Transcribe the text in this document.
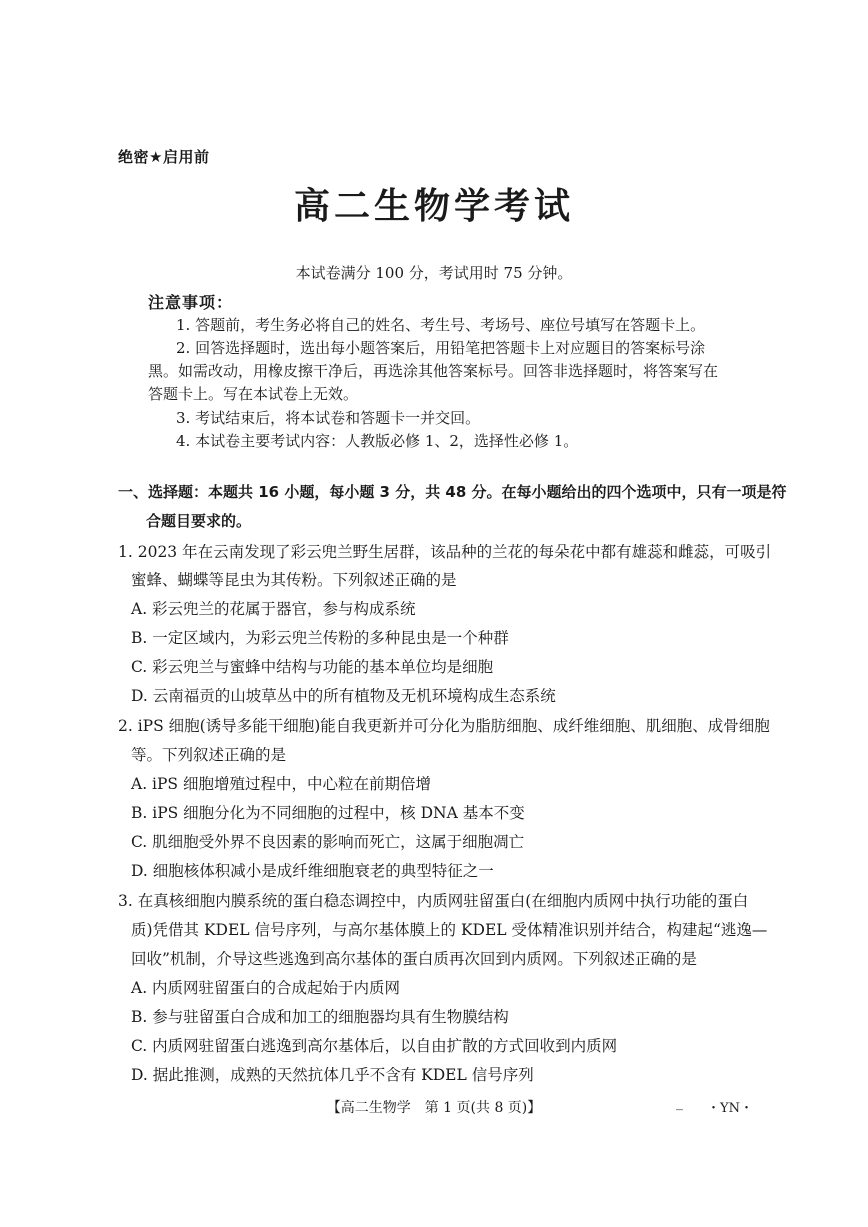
绝密★启用前
高二生物学考试
本试卷满分 100 分，考试用时 75 分钟。
注意事项：
1. 答题前，考生务必将自己的姓名、考生号、考场号、座位号填写在答题卡上。
2. 回答选择题时，选出每小题答案后，用铅笔把答题卡上对应题目的答案标号涂
黑。如需改动，用橡皮擦干净后，再选涂其他答案标号。回答非选择题时，将答案写在
答题卡上。写在本试卷上无效。
3. 考试结束后，将本试卷和答题卡一并交回。
4. 本试卷主要考试内容：人教版必修 1、2，选择性必修 1。
一、选择题：本题共 16 小题，每小题 3 分，共 48 分。在每小题给出的四个选项中，只有一项是符
合题目要求的。
1. 2023 年在云南发现了彩云兜兰野生居群，该品种的兰花的每朵花中都有雄蕊和雌蕊，可吸引
蜜蜂、蝴蝶等昆虫为其传粉。下列叙述正确的是
A. 彩云兜兰的花属于器官，参与构成系统
B. 一定区域内，为彩云兜兰传粉的多种昆虫是一个种群
C. 彩云兜兰与蜜蜂中结构与功能的基本单位均是细胞
D. 云南福贡的山坡草丛中的所有植物及无机环境构成生态系统
2. iPS 细胞(诱导多能干细胞)能自我更新并可分化为脂肪细胞、成纤维细胞、肌细胞、成骨细胞
等。下列叙述正确的是
A. iPS 细胞增殖过程中，中心粒在前期倍增
B. iPS 细胞分化为不同细胞的过程中，核 DNA 基本不变
C. 肌细胞受外界不良因素的影响而死亡，这属于细胞凋亡
D. 细胞核体积减小是成纤维细胞衰老的典型特征之一
3. 在真核细胞内膜系统的蛋白稳态调控中，内质网驻留蛋白(在细胞内质网中执行功能的蛋白
质)凭借其 KDEL 信号序列，与高尔基体膜上的 KDEL 受体精准识别并结合，构建起“逃逸—
回收”机制，介导这些逃逸到高尔基体的蛋白质再次回到内质网。下列叙述正确的是
A. 内质网驻留蛋白的合成起始于内质网
B. 参与驻留蛋白合成和加工的细胞器均具有生物膜结构
C. 内质网驻留蛋白逃逸到高尔基体后，以自由扩散的方式回收到内质网
D. 据此推测，成熟的天然抗体几乎不含有 KDEL 信号序列
【高二生物学　第 1 页(共 8 页)】	_ ・YN・
